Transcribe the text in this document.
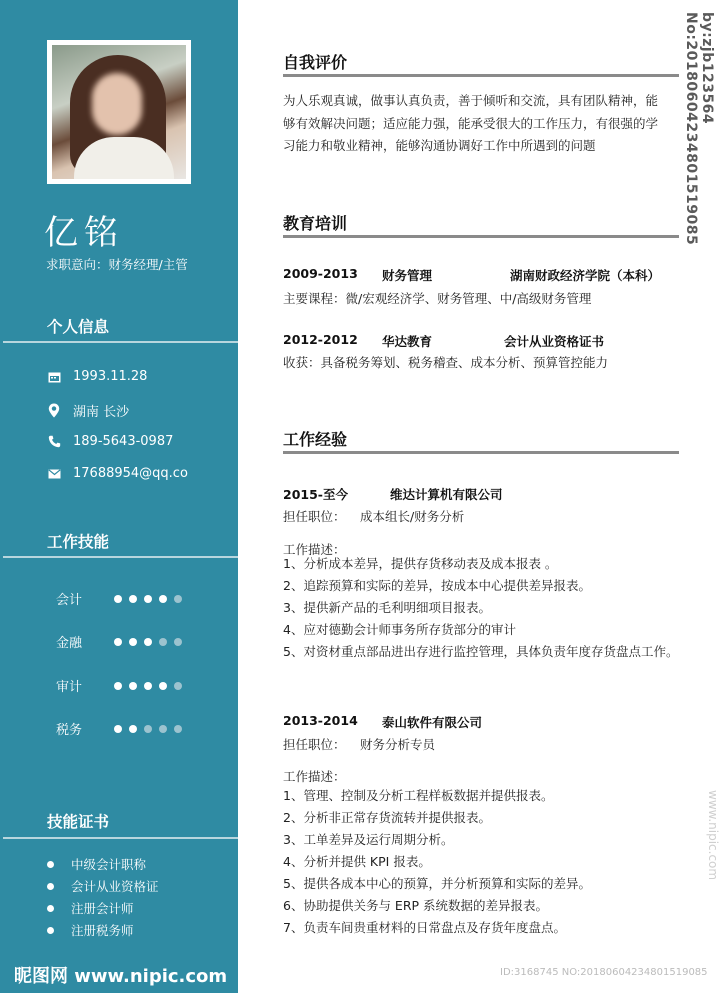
亿铭
求职意向：财务经理/主管
个人信息
1993.11.28
湖南 长沙
189-5643-0987
17688954@qq.co
工作技能
会计
金融
审计
税务
技能证书
中级会计职称
会计从业资格证
注册会计师
注册税务师
昵图网 www.nipic.com
自我评价
为人乐观真诚，做事认真负责，善于倾听和交流，具有团队精神，能
够有效解决问题；适应能力强，能承受很大的工作压力，有很强的学
习能力和敬业精神，能够沟通协调好工作中所遇到的问题
教育培训
2009-2013 财务管理	湖南财政经济学院（本科）
主要课程：微/宏观经济学、财务管理、中/高级财务管理
2012-2012 华达教育	会计从业资格证书
收获：具备税务筹划、税务稽查、成本分析、预算管控能力
工作经验
2015-至今	维达计算机有限公司
担任职位： 成本组长/财务分析
工作描述：
1、分析成本差异，提供存货移动表及成本报表 。
2、追踪预算和实际的差异，按成本中心提供差异报表。
3、提供新产品的毛利明细项目报表。
4、应对德勤会计师事务所存货部分的审计
5、对资材重点部品进出存进行监控管理，具体负责年度存货盘点工作。
2013-2014 泰山软件有限公司
担任职位： 财务分析专员
工作描述：
1、管理、控制及分析工程样板数据并提供报表。
2、分析非正常存货流转并提供报表。
3、工单差异及运行周期分析。
4、分析并提供 KPI 报表。
5、提供各成本中心的预算，并分析预算和实际的差异。
6、协助提供关务与 ERP 系统数据的差异报表。
7、负责车间贵重材料的日常盘点及存货年度盘点。
by:zjb123564 No:20180604234801519085
www.nipic.com
ID:3168745 NO:20180604234801519085
